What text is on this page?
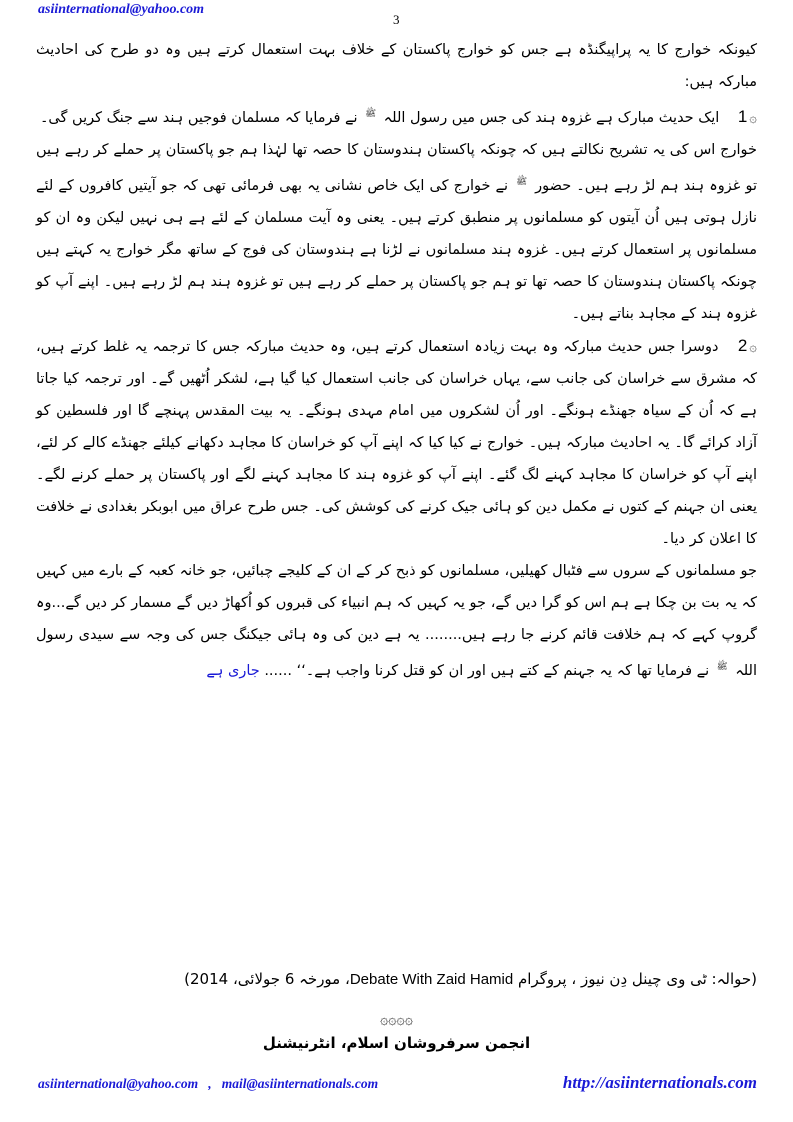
asiinternational@yahoo.com
3

کیونکہ خوارج کا یہ پراپیگنڈہ ہے جس کو خوارج پاکستان کے خلاف بہت استعمال کرتے ہیں وہ دو طرح کی احادیث مبارکہ ہیں:

1 ۞ ایک حدیث مبارک ہے غزوہ ہند کی جس میں رسول اللہ $^ﷺ$ نے فرمایا کہ مسلمان فوجیں ہند سے جنگ کریں گی۔

خوارج اس کی یہ تشریح نکالتے ہیں کہ چونکہ پاکستان ہندوستان کا حصہ تھا لہٰذا ہم جو پاکستان پر حملے کر رہے ہیں تو غزوہ ہند ہم لڑ رہے ہیں۔ حضور $^ﷺ$ نے خوارج کی ایک خاص نشانی یہ بھی فرمائی تھی کہ جو آیتیں کافروں کے لئے نازل ہوتی ہیں اُن آیتوں کو مسلمانوں پر منطبق کرتے ہیں۔ یعنی وہ آیت مسلمان کے لئے ہے ہی نہیں لیکن وہ ان کو مسلمانوں پر استعمال کرتے ہیں۔ غزوہ ہند مسلمانوں نے لڑنا ہے ہندوستان کی فوج کے ساتھ مگر خوارج یہ کہتے ہیں چونکہ پاکستان ہندوستان کا حصہ تھا تو ہم جو پاکستان پر حملے کر رہے ہیں تو غزوہ ہند ہم لڑ رہے ہیں۔ اپنے آپ کو غزوہ ہند کے مجاہد بناتے ہیں۔

2 ۞ دوسرا جس حدیث مبارکہ وہ بہت زیادہ استعمال کرتے ہیں، وہ حدیث مبارکہ جس کا ترجمہ یہ غلط کرتے ہیں، کہ مشرق سے خراسان کی جانب سے، یہاں خراسان کی جانب استعمال کیا گیا ہے، لشکر اُٹھیں گے۔ اور ترجمہ کیا جاتا ہے کہ اُن کے سیاہ جھنڈے ہونگے۔ اور اُن لشکروں میں امام مہدی ہونگے۔ یہ بیت المقدس پہنچے گا اور فلسطین کو آزاد کرائے گا۔ یہ احادیث مبارکہ ہیں۔ خوارج نے کیا کیا کہ اپنے آپ کو خراسان کا مجاہد دکھانے کیلئے جھنڈے کالے کر لئے، اپنے آپ کو خراسان کا مجاہد کہنے لگ گئے۔ اپنے آپ کو غزوہ ہند کا مجاہد کہنے لگے اور پاکستان پر حملے کرنے لگے۔ یعنی ان جہنم کے کتوں نے مکمل دین کو ہائی جیک کرنے کی کوشش کی۔ جس طرح عراق میں ابوبکر بغدادی نے خلافت کا اعلان کر دیا۔

جو مسلمانوں کے سروں سے فٹبال کھیلیں، مسلمانوں کو ذبح کر کے ان کے کلیجے چبائیں، جو خانہ کعبہ کے بارے میں کہیں کہ یہ بت بن چکا ہے ہم اس کو گرا دیں گے، جو یہ کہیں کہ ہم انبیاء کی قبروں کو اُکھاڑ دیں گے مسمار کر دیں گے...وہ گروپ کہے کہ ہم خلافت قائم کرنے جا رہے ہیں........ یہ ہے دین کی وہ ہائی جیکنگ جس کی وجہ سے سیدی رسول اللہ $^ﷺ$ نے فرمایا تھا کہ یہ جہنم کے کتے ہیں اور ان کو قتل کرنا واجب ہے۔‘‘ ...... جاری ہے

(حوالہ: ٹی وی چینل دِن نیوز ، پروگرام Debate With Zaid Hamid، مورخہ 6 جولائی، 2014)
۞۞۞۞
انجمن سرفروشان اسلام، انٹرنیشنل
asiinternational@yahoo.com   ,   mail@asiinternationals.com	http://asiinternationals.com
